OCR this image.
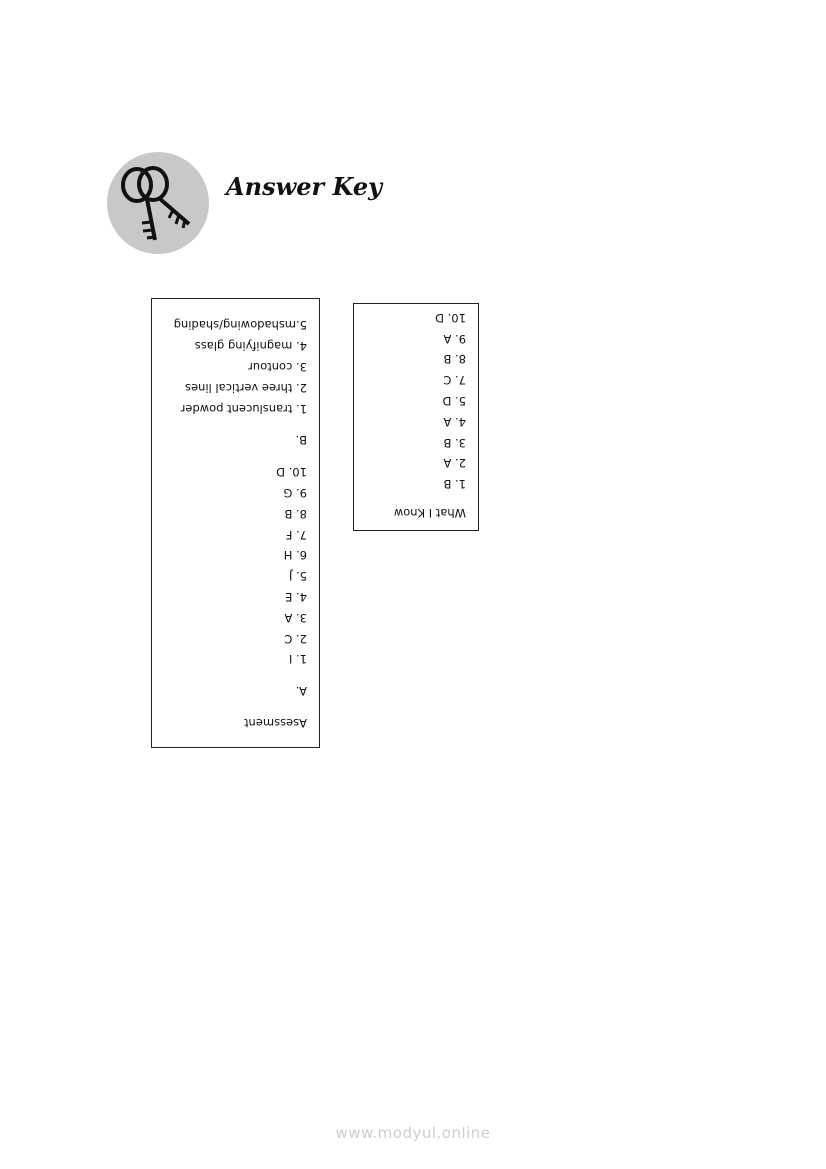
Answer Key
Asessment
A.
1. I
2. C
3. A
4. E
5. J
6. H
7. F
8. B
9. G
10. D
B.
1. translucent powder
2. three vertical lines
3. contour
4. magnifying glass
5.mshadowing/shading
What I Know
1. B
2. A
3. B
4. A
5. D
7. C
8. B
9. A
10. D
www.modyul.online
